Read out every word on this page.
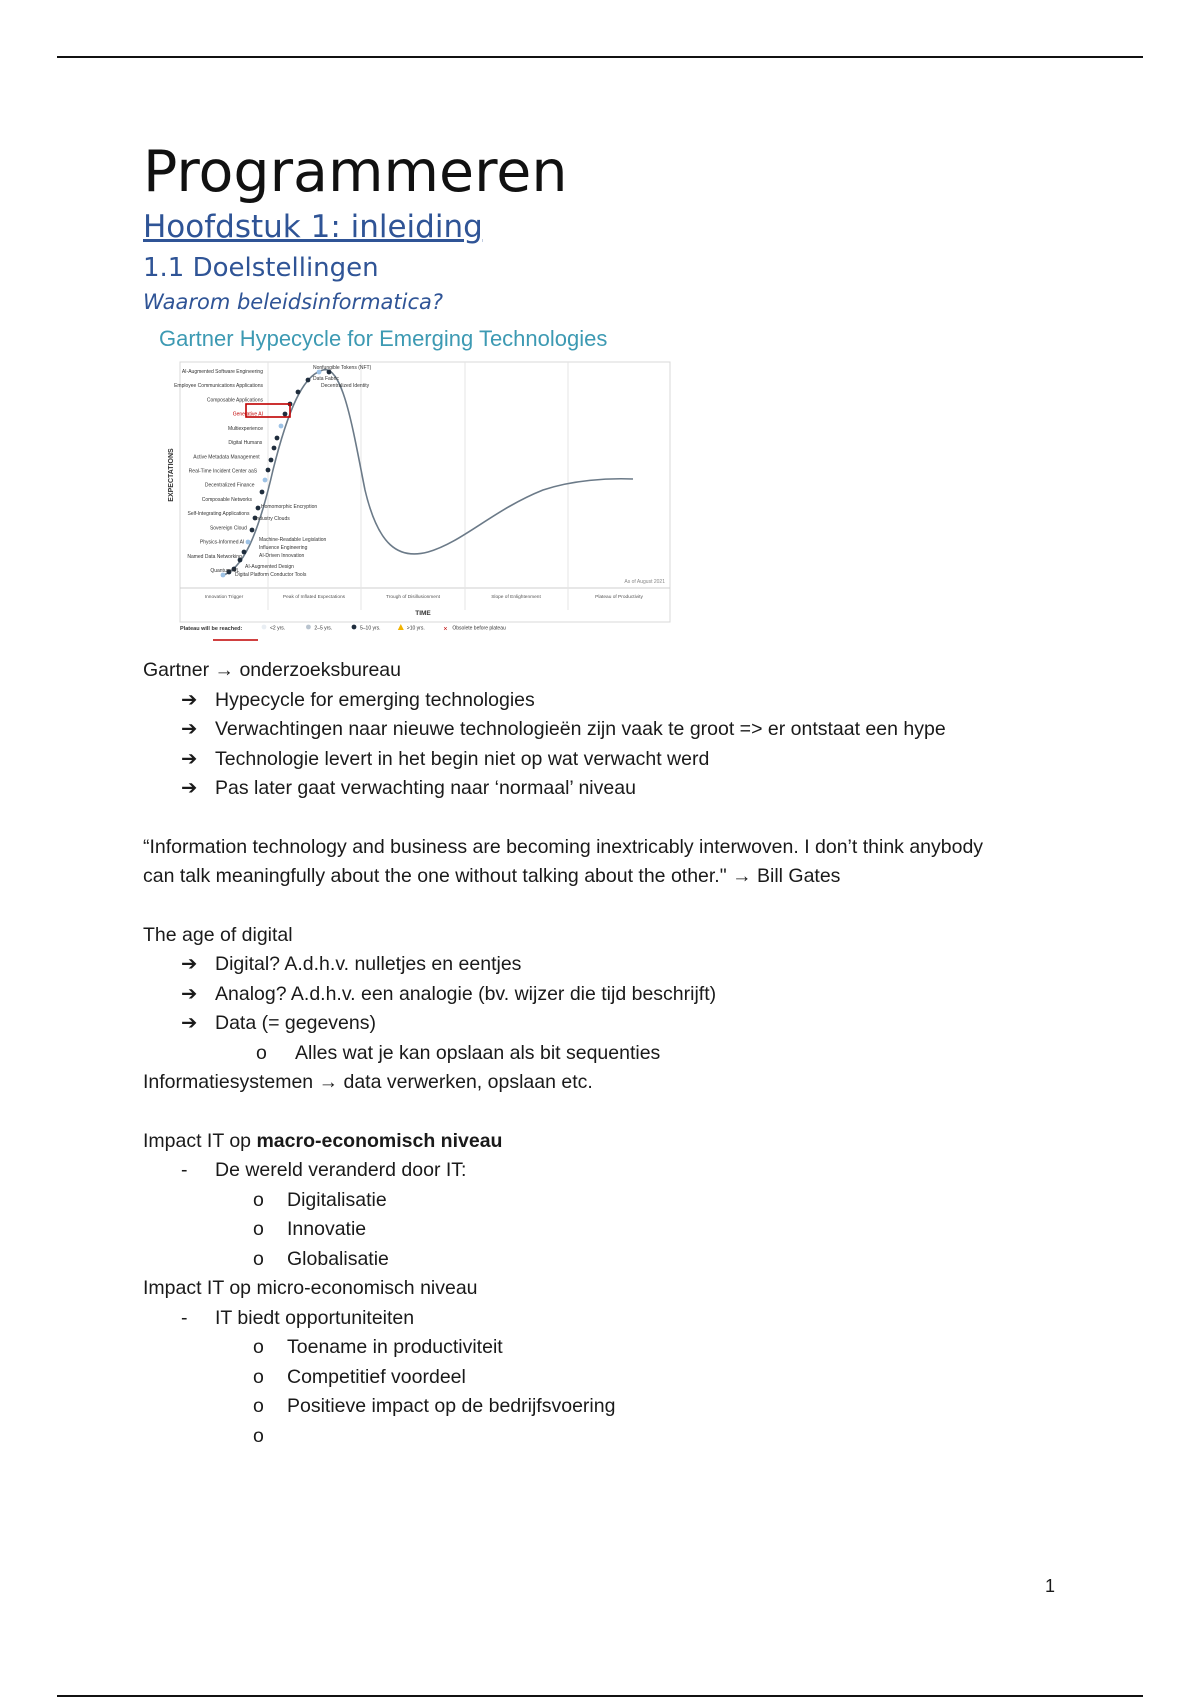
Programmeren
Hoofdstuk 1: inleiding
1.1 Doelstellingen
Waarom beleidsinformatica?
Gartner Hypecycle for Emerging Technologies
AI-Augmented Software Engineering
Employee Communications Applications
Composable Applications
Generative AI
Multiexperience
Digital Humans
Active Metadata Management
Real-Time Incident Center aaS
Decentralized Finance
Composable Networks
Self-Integrating Applications
Sovereign Cloud
Physics-Informed AI
Named Data Networking
Quantum ML
Nonfungible Tokens (NFT)
Data Fabric
Decentralized Identity
Homomorphic Encryption
Industry Clouds
Machine-Readable Legislation
Influence Engineering
AI-Driven Innovation
AI-Augmented Design
Digital Platform Conductor Tools
EXPECTATIONS
Innovation Trigger	Peak of Inflated Expectations	Trough of Disillusionment	Slope of Enlightenment	Plateau of Productivity
TIME
As of August 2021
Plateau will be reached:	<2 yrs.	2–5 yrs.	5–10 yrs.	>10 yrs.	× Obsolete before plateau

Gartner → onderzoeksbureau

➔ Hypecycle for emerging technologies
➔ Verwachtingen naar nieuwe technologieën zijn vaak te groot => er ontstaat een hype
➔ Technologie levert in het begin niet op wat verwacht werd
➔ Pas later gaat verwachting naar ‘normaal’ niveau

“Information technology and business are becoming inextricably interwoven. I don’t think anybody

can talk meaningfully about the one without talking about the other." → Bill Gates

The age of digital

➔ Digital? A.d.h.v. nulletjes en eentjes
➔ Analog? A.d.h.v. een analogie (bv. wijzer die tijd beschrijft)
➔ Data (= gegevens)
o Alles wat je kan opslaan als bit sequenties

Informatiesystemen → data verwerken, opslaan etc.

Impact IT op macro-economisch niveau

- De wereld veranderd door IT:
o Digitalisatie
o Innovatie
o Globalisatie

Impact IT op micro-economisch niveau

- IT biedt opportuniteiten
o Toename in productiviteit
o Competitief voordeel
o Positieve impact op de bedrijfsvoering
o
1
